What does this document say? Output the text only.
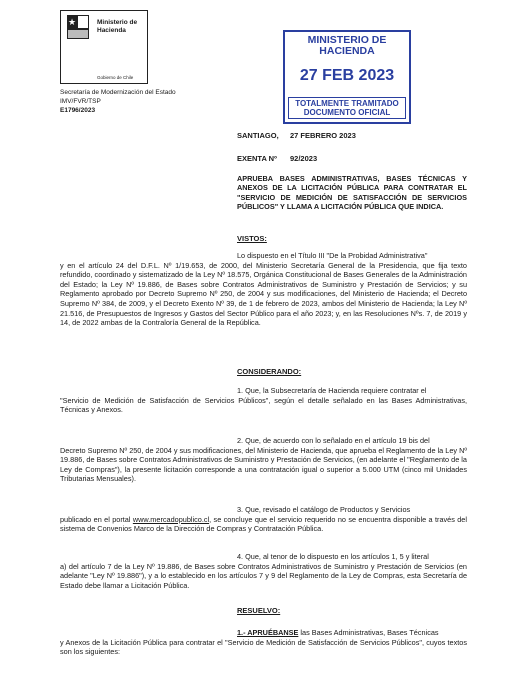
★	Ministerio de Hacienda
Gobierno de Chile
Secretaría de Modernización del Estado
IMV/FVR/TSP
E1796/2023
MINISTERIO DE HACIENDA
27 FEB 2023
TOTALMENTE TRAMITADO
DOCUMENTO OFICIAL
SANTIAGO, 27 FEBRERO 2023
EXENTA Nº 92/2023
APRUEBA BASES ADMINISTRATIVAS, BASES TÉCNICAS Y ANEXOS DE LA LICITACIÓN PÚBLICA PARA CONTRATAR EL "SERVICIO DE MEDICIÓN DE SATISFACCIÓN DE SERVICIOS PÚBLICOS" Y LLAMA A LICITACIÓN PÚBLICA QUE INDICA.
VISTOS:
Lo dispuesto en el Título III "De la Probidad Administrativa"
y en el artículo 24 del D.F.L. Nº 1/19.653, de 2000, del Ministerio Secretaría General de la Presidencia, que fija texto refundido, coordinado y sistematizado de la Ley Nº 18.575, Orgánica Constitucional de Bases Generales de la Administración del Estado; la Ley Nº 19.886, de Bases sobre Contratos Administrativos de Suministro y Prestación de Servicios; y su Reglamento aprobado por Decreto Supremo Nº 250, de 2004 y sus modificaciones, del Ministerio de Hacienda; el Decreto Supremo Nº 384, de 2009, y el Decreto Exento Nº 39, de 1 de febrero de 2023, ambos del Ministerio de Hacienda; la Ley Nº 21.516, de Presupuestos de Ingresos y Gastos del Sector Público para el año 2023; y, en las Resoluciones Nºs. 7, de 2019 y 14, de 2022 ambas de la Contraloría General de la República.
CONSIDERANDO:
1. Que, la Subsecretaría de Hacienda requiere contratar el
"Servicio de Medición de Satisfacción de Servicios Públicos", según el detalle señalado en las Bases Administrativas, Técnicas y Anexos.
2. Que, de acuerdo con lo señalado en el artículo 19 bis del
Decreto Supremo Nº 250, de 2004 y sus modificaciones, del Ministerio de Hacienda, que aprueba el Reglamento de la Ley Nº 19.886, de Bases sobre Contratos Administrativos de Suministro y Prestación de Servicios, (en adelante el "Reglamento de la Ley de Compras"), la presente licitación corresponde a una contratación igual o superior a 5.000 UTM (cinco mil Unidades Tributarias Mensuales).
3. Que, revisado el catálogo de Productos y Servicios
publicado en el portal www.mercadopublico.cl, se concluye que el servicio requerido no se encuentra disponible a través del sistema de Convenios Marco de la Dirección de Compras y Contratación Pública.
4. Que, al tenor de lo dispuesto en los artículos 1, 5 y literal
a) del artículo 7 de la Ley Nº 19.886, de Bases sobre Contratos Administrativos de Suministro y Prestación de Servicios (en adelante "Ley Nº 19.886"), y a lo establecido en los artículos 7 y 9 del Reglamento de la Ley de Compras, esta Secretaría de Estado debe llamar a Licitación Pública.
RESUELVO:
1.- APRUÉBANSE las Bases Administrativas, Bases Técnicas
y Anexos de la Licitación Pública para contratar el "Servicio de Medición de Satisfacción de Servicios Públicos", cuyos textos son los siguientes:
